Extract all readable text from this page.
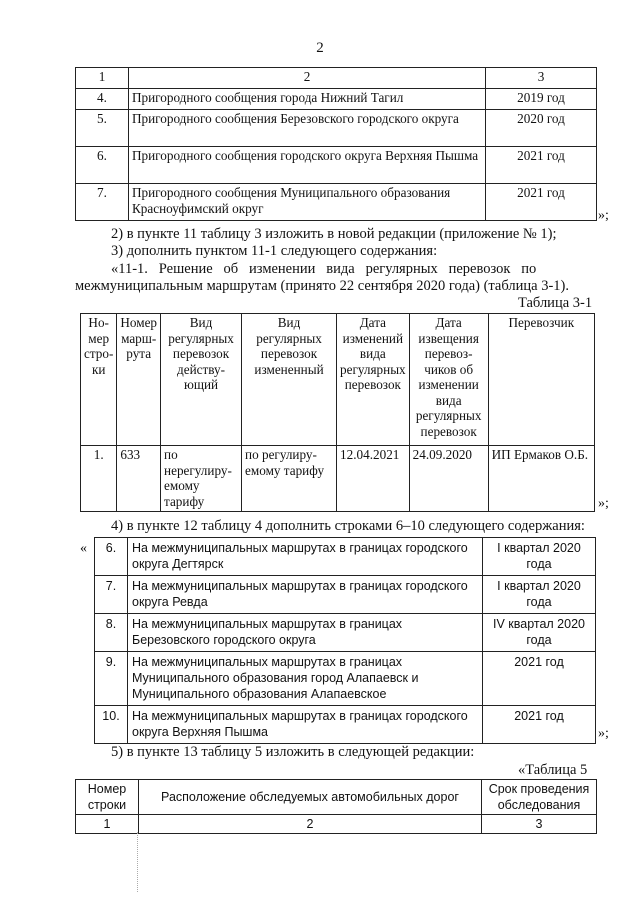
2
1	2	3
4.	Пригородного сообщения города Нижний Тагил	2019 год
5.	Пригородного сообщения Березовского городского округа	2020 год
6.	Пригородного сообщения городского округа Верхняя Пышма	2021 год
7.	Пригородного сообщения Муниципального образования Красноуфимский округ	2021 год
»;
2) в пункте 11 таблицу 3 изложить в новой редакции (приложение № 1);
3) дополнить пунктом 11-1 следующего содержания:
«11-1.   Решение   об   изменении   вида   регулярных   перевозок   по
межмуниципальным маршрутам (принято 22 сентября 2020 года) (таблица 3-1).
Таблица 3-1
Но-мер стро-ки	Номер марш-рута	Вид регулярных перевозок действу-ющий	Вид регулярных перевозок измененный	Дата изменений вида регулярных перевозок	Дата извещения перевоз-чиков об изменении вида регулярных перевозок	Перевозчик
1.	633	по нерегулиру-емому тарифу	по регулиру-емому тарифу	12.04.2021	24.09.2020	ИП Ермаков О.Б.
»;
4) в пункте 12 таблицу 4 дополнить строками 6–10 следующего содержания:
« 6.	На межмуниципальных маршрутах в границах городского округа Дегтярск	I квартал 2020 года
7.	На межмуниципальных маршрутах в границах городского округа Ревда	I квартал 2020 года
8.	На межмуниципальных маршрутах в границах Березовского городского округа	IV квартал 2020 года
9.	На межмуниципальных маршрутах в границах Муниципального образования город Алапаевск и Муниципального образования Алапаевское	2021 год
10.	На межмуниципальных маршрутах в границах городского округа Верхняя Пышма	2021 год
»;
5) в пункте 13 таблицу 5 изложить в следующей редакции:
«Таблица 5
Номер строки	Расположение обследуемых автомобильных дорог	Срок проведения обследования
1	2	3
